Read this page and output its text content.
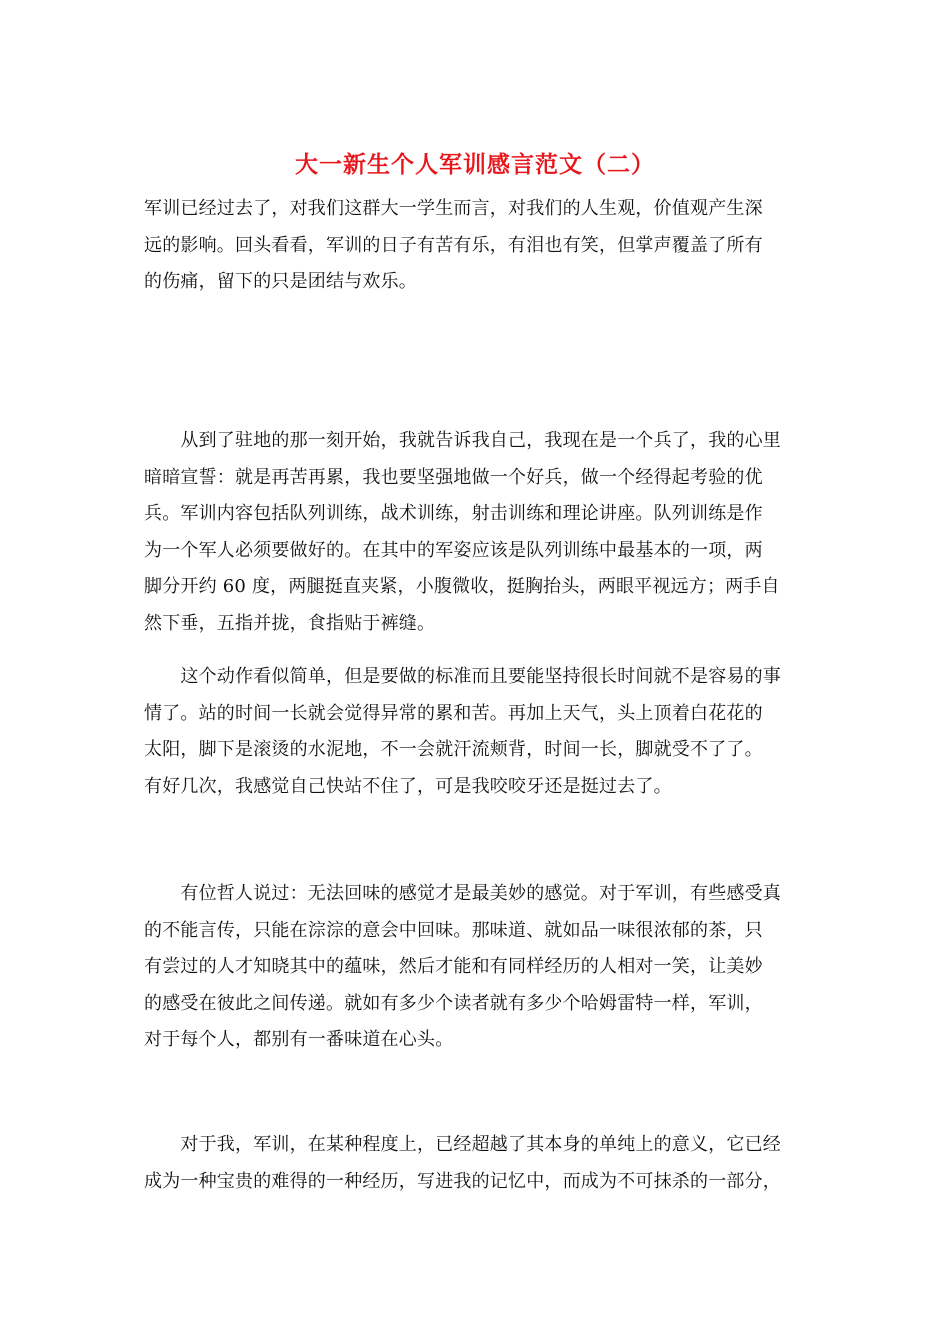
大一新生个人军训感言范文（二）

军训已经过去了，对我们这群大一学生而言，对我们的人生观，价值观产生深
远的影响。回头看看，军训的日子有苦有乐，有泪也有笑，但掌声覆盖了所有
的伤痛，留下的只是团结与欢乐。

　　从到了驻地的那一刻开始，我就告诉我自己，我现在是一个兵了，我的心里
暗暗宣誓：就是再苦再累，我也要坚强地做一个好兵，做一个经得起考验的优
兵。军训内容包括队列训练，战术训练，射击训练和理论讲座。队列训练是作
为一个军人必须要做好的。在其中的军姿应该是队列训练中最基本的一项，两
脚分开约 60 度，两腿挺直夹紧，小腹微收，挺胸抬头，两眼平视远方；两手自
然下垂，五指并拢，食指贴于裤缝。

　　这个动作看似简单，但是要做的标准而且要能坚持很长时间就不是容易的事
情了。站的时间一长就会觉得异常的累和苦。再加上天气，头上顶着白花花的
太阳，脚下是滚烫的水泥地，不一会就汗流颊背，时间一长，脚就受不了了。
有好几次，我感觉自己快站不住了，可是我咬咬牙还是挺过去了。

　　有位哲人说过：无法回味的感觉才是最美妙的感觉。对于军训，有些感受真
的不能言传，只能在淙淙的意会中回味。那味道、就如品一味很浓郁的茶，只
有尝过的人才知晓其中的蕴味，然后才能和有同样经历的人相对一笑，让美妙
的感受在彼此之间传递。就如有多少个读者就有多少个哈姆雷特一样，军训，
对于每个人，都别有一番味道在心头。

　　对于我，军训，在某种程度上，已经超越了其本身的单纯上的意义，它已经
成为一种宝贵的难得的一种经历，写进我的记忆中，而成为不可抹杀的一部分，
